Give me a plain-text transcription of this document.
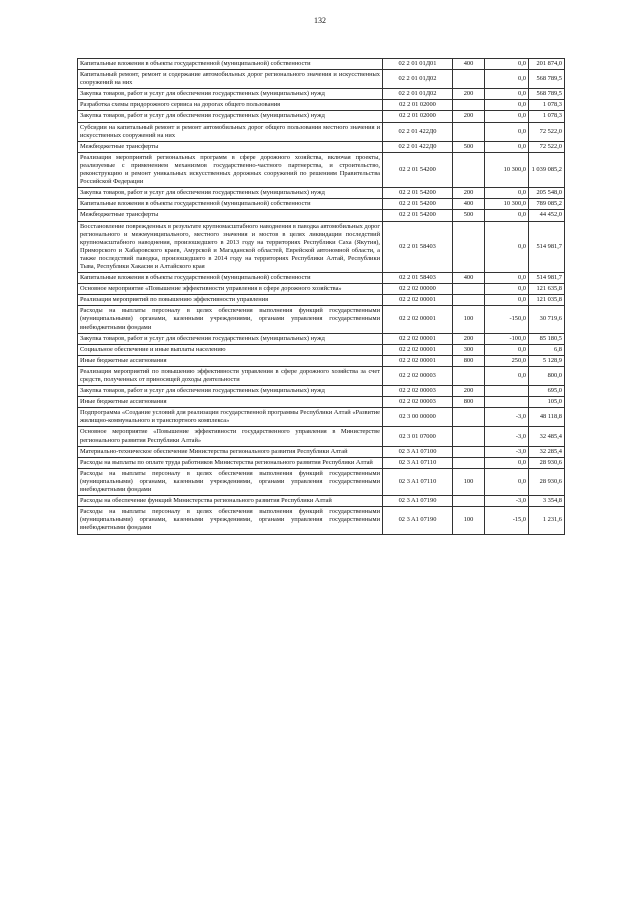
132
Капитальные вложения в объекты государственной (муниципальной) собственности	02 2 01 01Д01	400	0,0	201 874,0
Капитальный ремонт, ремонт и содержание автомобильных дорог регионального значения и искусственных сооружений на них	02 2 01 01Д02		0,0	568 789,5
Закупка товаров, работ и услуг для обеспечения государственных (муниципальных) нужд	02 2 01 01Д02	200	0,0	568 789,5
Разработка схемы придорожного сервиса на дорогах общего пользования	02 2 01 02000		0,0	1 078,3
Закупка товаров, работ и услуг для обеспечения государственных (муниципальных) нужд	02 2 01 02000	200	0,0	1 078,3
Субсидии на капитальный ремонт и ремонт автомобильных дорог общего пользования местного значения и искусственных сооружений на них	02 2 01 422Д0		0,0	72 522,0
Межбюджетные трансферты	02 2 01 422Д0	500	0,0	72 522,0
Реализация мероприятий региональных программ в сфере дорожного хозяйства, включая проекты, реализуемые с применением механизмов государственно-частного партнерства, и строительство, реконструкцию и ремонт уникальных искусственных дорожных сооружений по решениям Правительства Российской Федерации	02 2 01 54200		10 300,0	1 039 085,2
Закупка товаров, работ и услуг для обеспечения государственных (муниципальных) нужд	02 2 01 54200	200	0,0	205 548,0
Капитальные вложения в объекты государственной (муниципальной) собственности	02 2 01 54200	400	10 300,0	789 085,2
Межбюджетные трансферты	02 2 01 54200	500	0,0	44 452,0
Восстановление поврежденных в результате крупномасштабного наводнения в паводка автомобильных дорог регионального и межмуниципального, местного значения и мостов в целях ликвидации последствий крупномасштабного наводнения, произошедшего в 2013 году на территориях Республики Саха (Якутия), Приморского и Хабаровского краев, Амурской и Магаданской областей, Еврейской автономной области, а также последствий паводка, произошедшего в 2014 году на территориях Республики Алтай, Республики Тыва, Республики Хакасия и Алтайского края	02 2 01 58403		0,0	514 981,7
Капитальные вложения в объекты государственной (муниципальной) собственности	02 2 01 58403	400	0,0	514 981,7
Основное мероприятие «Повышение эффективности управления в сфере дорожного хозяйства»	02 2 02 00000		0,0	121 635,8
Реализация мероприятий по повышению эффективности управления	02 2 02 00001		0,0	121 035,8
Расходы на выплаты персоналу в целях обеспечения выполнения функций государственными (муниципальными) органами, казенными учреждениями, органами управления государственными внебюджетными фондами	02 2 02 00001	100	-150,0	30 719,6
Закупка товаров, работ и услуг для обеспечения государственных (муниципальных) нужд	02 2 02 00001	200	-100,0	85 180,5
Социальное обеспечение и иные выплаты населению	02 2 02 00001	300	0,0	6,8
Иные бюджетные ассигнования	02 2 02 00001	800	250,0	5 128,9
Реализация мероприятий по повышению эффективности управления в сфере дорожного хозяйства за счет средств, полученных от приносящей доходы деятельности	02 2 02 00003		0,0	800,0
Закупка товаров, работ и услуг для обеспечения государственных (муниципальных) нужд	02 2 02 00003	200		695,0
Иные бюджетные ассигнования	02 2 02 00003	800		105,0
Подпрограмма «Создание условий для реализации государственной программы Республики Алтай «Развитие жилищно-коммунального и транспортного комплекса»	02 3 00 00000		-3,0	48 118,8
Основное мероприятие «Повышение эффективности государственного управления в Министерстве регионального развития Республики Алтай»	02 3 01 07000		-3,0	32 485,4
Материально-техническое обеспечение Министерства регионального развития Республики Алтай	02 3 A1 07100		-3,0	32 285,4
Расходы на выплаты по оплате труда работников Министерства регионального развития Республики Алтай	02 3 A1 07110		0,0	28 930,6
Расходы на выплаты персоналу в целях обеспечения выполнения функций государственными (муниципальными) органами, казенными учреждениями, органами управления государственными внебюджетными фондами	02 3 A1 07110	100	0,0	28 930,6
Расходы на обеспечение функций Министерства регионального развития Республики Алтай	02 3 A1 07190		-3,0	3 354,8
Расходы на выплаты персоналу в целях обеспечения выполнения функций государственными (муниципальными) органами, казенными учреждениями, органами управления государственными внебюджетными фондами	02 3 A1 07190	100	-15,0	1 231,6
